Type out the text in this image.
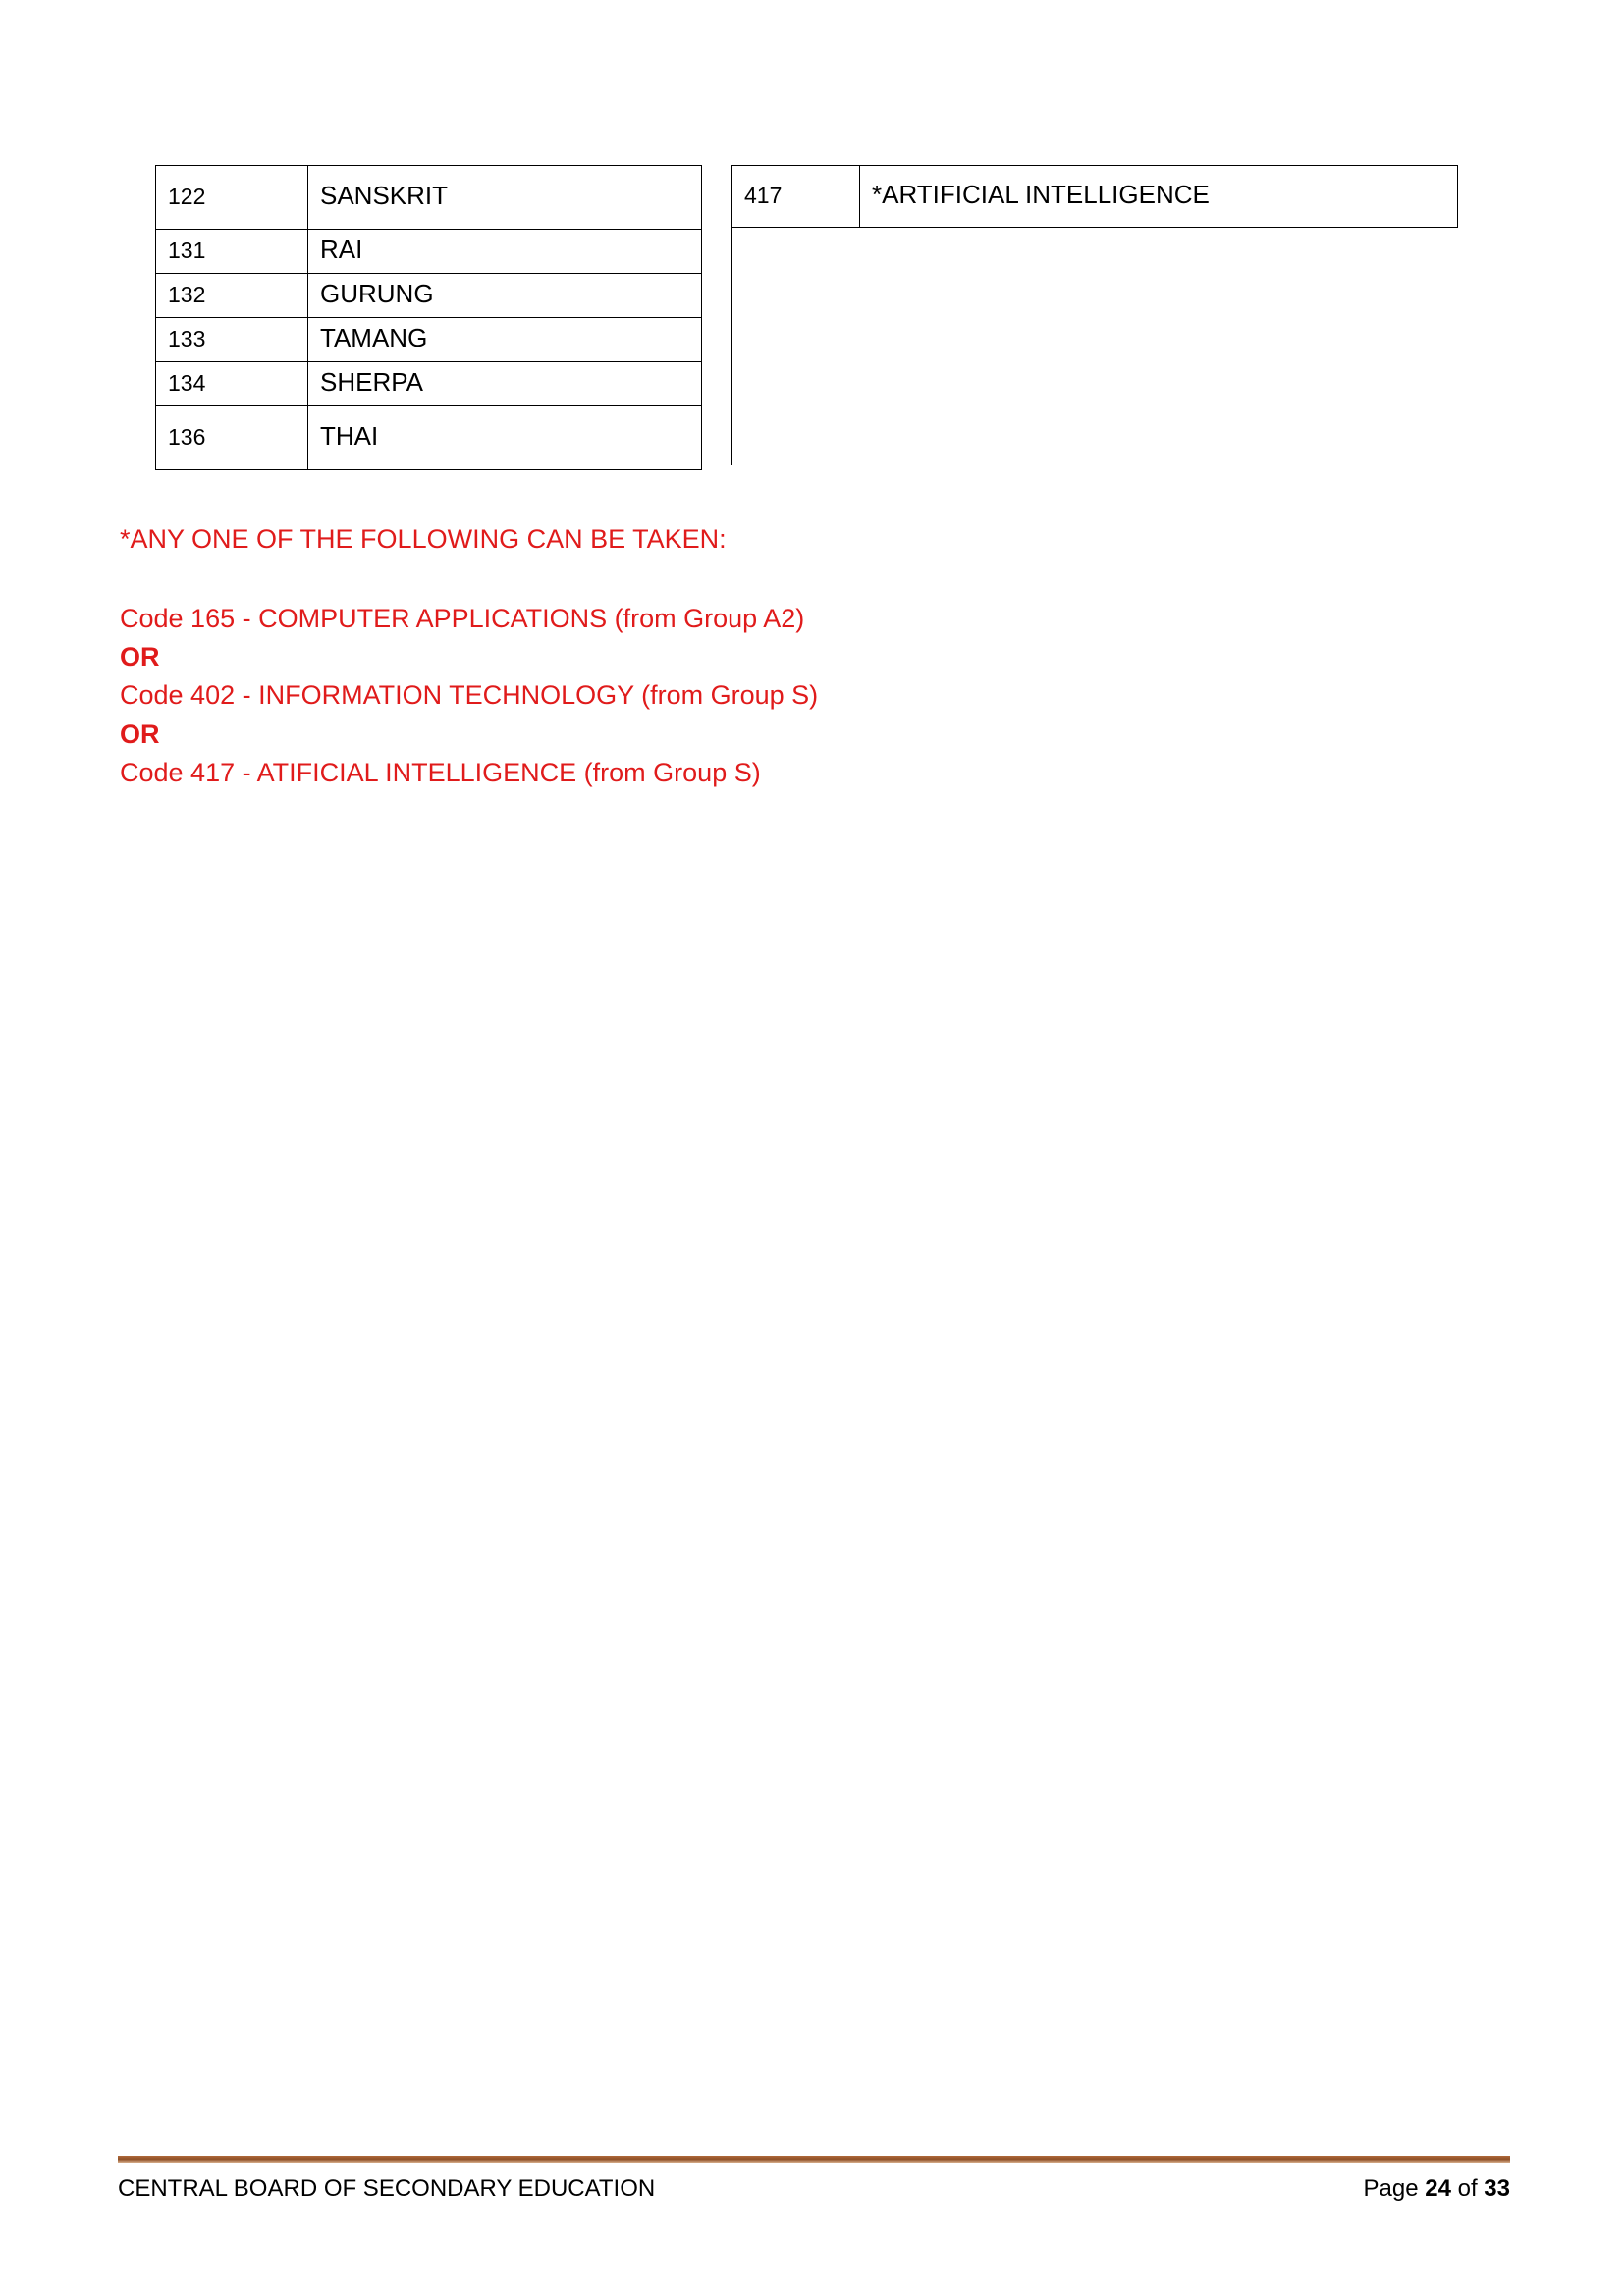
122	SANSKRIT
131	RAI
132	GURUNG
133	TAMANG
134	SHERPA
136	THAI
417	*ARTIFICIAL INTELLIGENCE

*ANY ONE OF THE FOLLOWING CAN BE TAKEN:
Code 165 - COMPUTER APPLICATIONS (from Group A2)
OR
Code 402 - INFORMATION TECHNOLOGY (from Group S)
OR
Code 417 - ATIFICIAL INTELLIGENCE (from Group S)
CENTRAL BOARD OF SECONDARY EDUCATION	Page 24 of 33
